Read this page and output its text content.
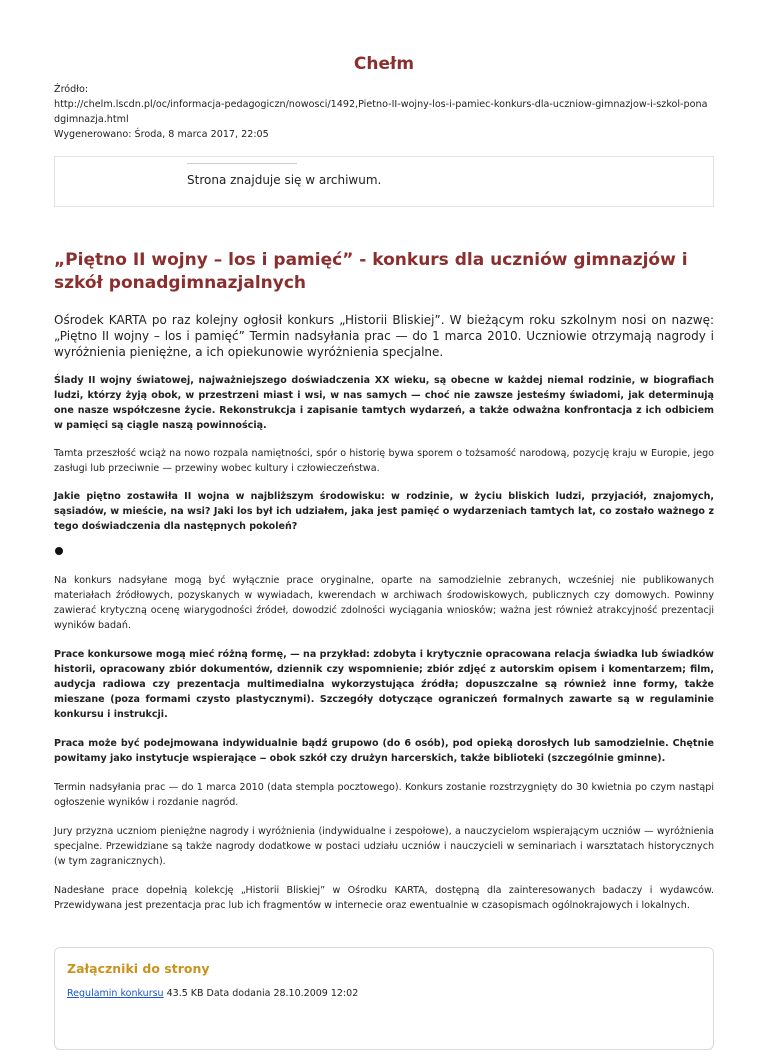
Chełm
Źródło:
http://chelm.lscdn.pl/oc/informacja-pedagogiczn/nowosci/1492,Pietno-II-wojny-los-i-pamiec-konkurs-dla-uczniow-gimnazjow-i-szkol-pona
dgimnazja.html
Wygenerowano: Środa, 8 marca 2017, 22:05
Strona znajduje się w archiwum.
„Piętno II wojny – los i pamięć” - konkurs dla uczniów gimnazjów i szkół ponadgimnazjalnych

Ośrodek KARTA po raz kolejny ogłosił konkurs „Historii Bliskiej”. W bieżącym roku szkolnym nosi on nazwę: „Piętno II wojny – los i pamięć” Termin nadsyłania prac — do 1 marca 2010. Uczniowie otrzymają nagrody i wyróżnienia pieniężne, a ich opiekunowie wyróżnienia specjalne.

Ślady II wojny światowej, najważniejszego doświadczenia XX wieku, są obecne w każdej niemal rodzinie, w biografiach ludzi, którzy żyją obok, w przestrzeni miast i wsi, w nas samych — choć nie zawsze jesteśmy świadomi, jak determinują one nasze współczesne życie. Rekonstrukcja i zapisanie tamtych wydarzeń, a także odważna konfrontacja z ich odbiciem w pamięci są ciągle naszą powinnością.

Tamta przeszłość wciąż na nowo rozpala namiętności, spór o historię bywa sporem o tożsamość narodową, pozycję kraju w Europie, jego zasługi lub przeciwnie — przewiny wobec kultury i człowieczeństwa.

Jakie piętno zostawiła II wojna w najbliższym środowisku: w rodzinie, w życiu bliskich ludzi, przyjaciół, znajomych, sąsiadów, w mieście, na wsi? Jaki los był ich udziałem, jaka jest pamięć o wydarzeniach tamtych lat, co zostało ważnego z tego doświadczenia dla następnych pokoleń?

Na konkurs nadsyłane mogą być wyłącznie prace oryginalne, oparte na samodzielnie zebranych, wcześniej nie publikowanych materiałach źródłowych, pozyskanych w wywiadach, kwerendach w archiwach środowiskowych, publicznych czy domowych. Powinny zawierać krytyczną ocenę wiarygodności źródeł, dowodzić zdolności wyciągania wniosków; ważna jest również atrakcyjność prezentacji wyników badań.

Prace konkursowe mogą mieć różną formę, — na przykład: zdobyta i krytycznie opracowana relacja świadka lub świadków historii, opracowany zbiór dokumentów, dziennik czy wspomnienie; zbiór zdjęć z autorskim opisem i komentarzem; film, audycja radiowa czy prezentacja multimedialna wykorzystująca źródła; dopuszczalne są również inne formy, także mieszane (poza formami czysto plastycznymi). Szczegóły dotyczące ograniczeń formalnych zawarte są w regulaminie konkursu i instrukcji.

Praca może być podejmowana indywidualnie bądź grupowo (do 6 osób), pod opieką dorosłych lub samodzielnie. Chętnie powitamy jako instytucje wspierające ‒ obok szkół czy drużyn harcerskich, także biblioteki (szczególnie gminne).

Termin nadsyłania prac — do 1 marca 2010 (data stempla pocztowego). Konkurs zostanie rozstrzygnięty do 30 kwietnia po czym nastąpi ogłoszenie wyników i rozdanie nagród.

Jury przyzna uczniom pieniężne nagrody i wyróżnienia (indywidualne i zespołowe), a nauczycielom wspierającym uczniów — wyróżnienia specjalne. Przewidziane są także nagrody dodatkowe w postaci udziału uczniów i nauczycieli w seminariach i warsztatach historycznych (w tym zagranicznych).

Nadesłane prace dopełnią kolekcję „Historii Bliskiej” w Ośrodku KARTA, dostępną dla zainteresowanych badaczy i wydawców. Przewidywana jest prezentacja prac lub ich fragmentów w internecie oraz ewentualnie w czasopismach ogólnokrajowych i lokalnych.

Załączniki do strony
Regulamin konkursu 43.5 KB Data dodania 28.10.2009 12:02
